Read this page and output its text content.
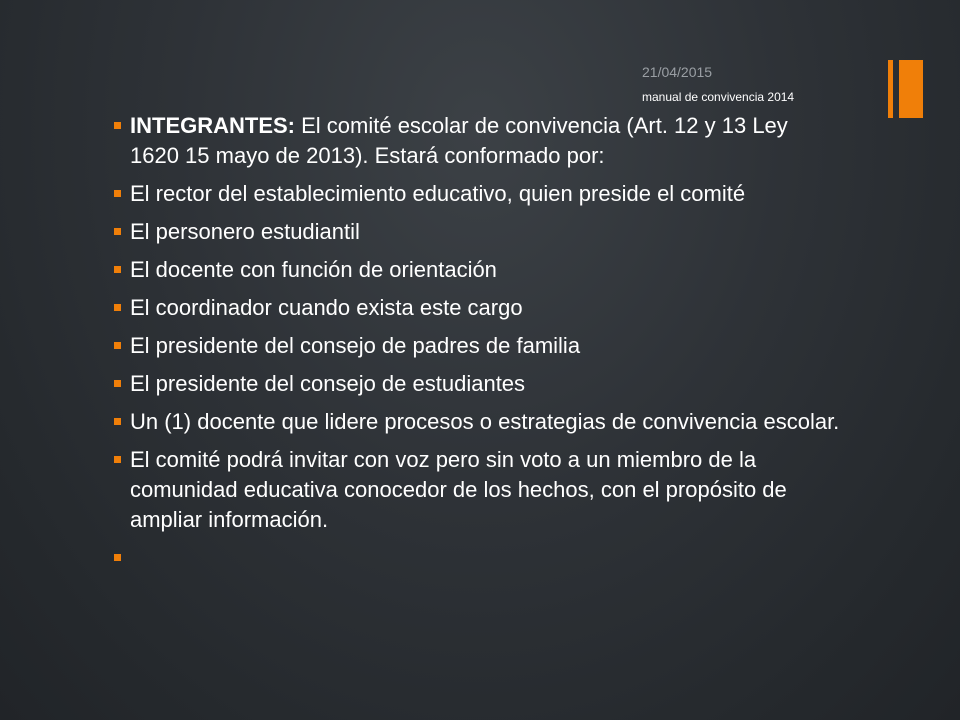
21/04/2015
manual de convivencia 2014
INTEGRANTES: El comité escolar de convivencia (Art. 12 y 13 Ley 1620 15 mayo de 2013). Estará conformado por:
El rector del establecimiento educativo, quien preside el comité
El personero estudiantil
El docente con función de orientación
El coordinador cuando exista este cargo
El presidente del consejo de padres de familia
El presidente del consejo de estudiantes
Un (1) docente que lidere procesos o estrategias de convivencia escolar.
El comité podrá invitar con voz pero sin voto a un miembro de la comunidad educativa conocedor de los hechos, con el propósito de ampliar información.
